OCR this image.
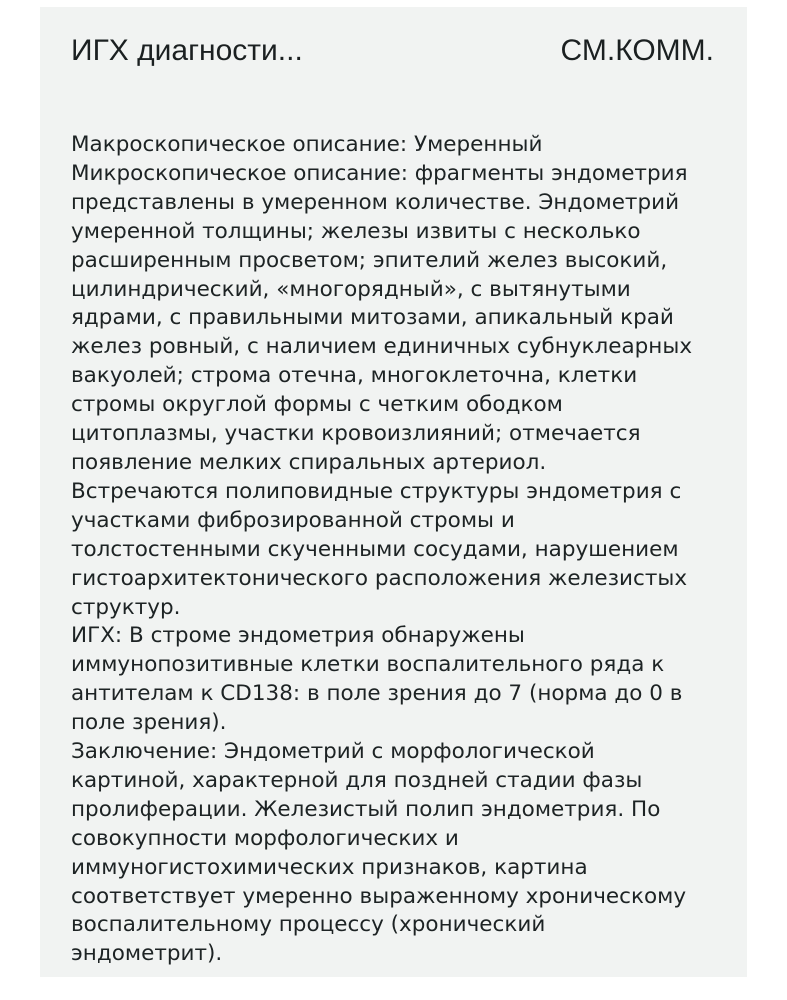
ИГХ диагности...	СМ.КОММ.
Макроскопическое описание: Умеренный
Микроскопическое описание: фрагменты эндометрия
представлены в умеренном количестве. Эндометрий
умеренной толщины; железы извиты с несколько
расширенным просветом; эпителий желез высокий,
цилиндрический, «многорядный», с вытянутыми
ядрами, с правильными митозами, апикальный край
желез ровный, с наличием единичных субнуклеарных
вакуолей; строма отечна, многоклеточна, клетки
стромы округлой формы с четким ободком
цитоплазмы, участки кровоизлияний; отмечается
появление мелких спиральных артериол.
Встречаются полиповидные структуры эндометрия с
участками фиброзированной стромы и
толстостенными скученными сосудами, нарушением
гистоархитектонического расположения железистых
структур.
ИГХ: В строме эндометрия обнаружены
иммунопозитивные клетки воспалительного ряда к
антителам к CD138: в поле зрения до 7 (норма до 0 в
поле зрения).
Заключение: Эндометрий с морфологической
картиной, характерной для поздней стадии фазы
пролиферации. Железистый полип эндометрия. По
совокупности морфологических и
иммуногистохимических признаков, картина
соответствует умеренно выраженному хроническому
воспалительному процессу (хронический
эндометрит).
